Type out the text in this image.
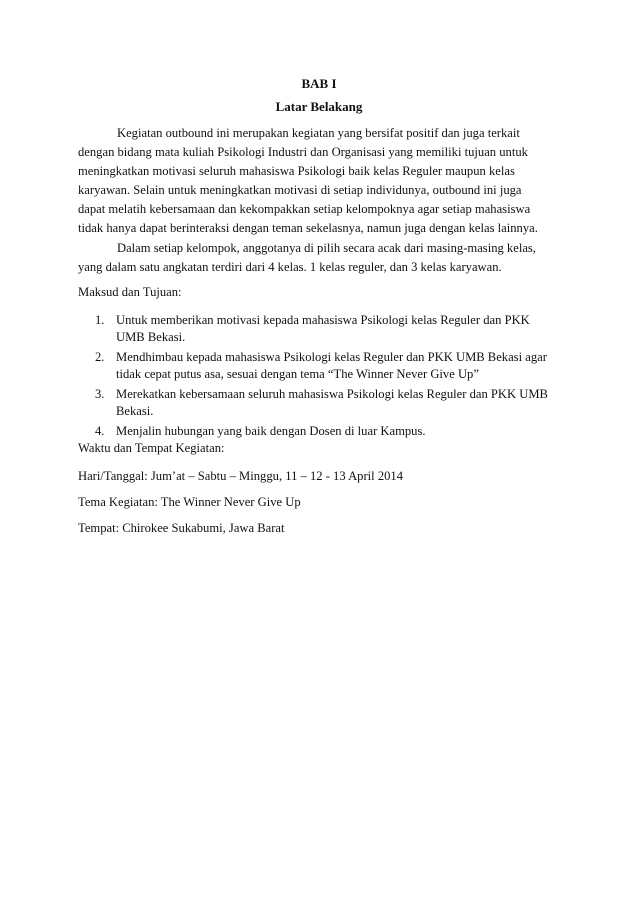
BAB I
Latar Belakang
Kegiatan outbound ini merupakan kegiatan yang bersifat positif dan juga terkait
dengan bidang mata kuliah Psikologi Industri dan Organisasi yang memiliki tujuan untuk
meningkatkan motivasi seluruh mahasiswa Psikologi baik kelas Reguler maupun kelas
karyawan. Selain untuk meningkatkan motivasi di setiap individunya, outbound ini juga
dapat melatih kebersamaan dan kekompakkan setiap kelompoknya agar setiap mahasiswa
tidak hanya dapat berinteraksi dengan teman sekelasnya, namun juga dengan kelas lainnya.
Dalam setiap kelompok, anggotanya di pilih secara acak dari masing-masing kelas,
yang dalam satu angkatan terdiri dari 4 kelas. 1 kelas reguler, dan 3 kelas karyawan.
Maksud dan Tujuan:
1. Untuk memberikan motivasi kepada mahasiswa Psikologi kelas Reguler dan PKK
UMB Bekasi.
2. Mendhimbau kepada mahasiswa Psikologi kelas Reguler dan PKK UMB Bekasi agar
tidak cepat putus asa, sesuai dengan tema “The Winner Never Give Up”
3. Merekatkan kebersamaan seluruh mahasiswa Psikologi kelas Reguler dan PKK UMB
Bekasi.
4. Menjalin hubungan yang baik dengan Dosen di luar Kampus.
Waktu dan Tempat Kegiatan:
Hari/Tanggal: Jum’at – Sabtu – Minggu, 11 – 12 - 13 April 2014
Tema Kegiatan: The Winner Never Give Up
Tempat: Chirokee Sukabumi, Jawa Barat
